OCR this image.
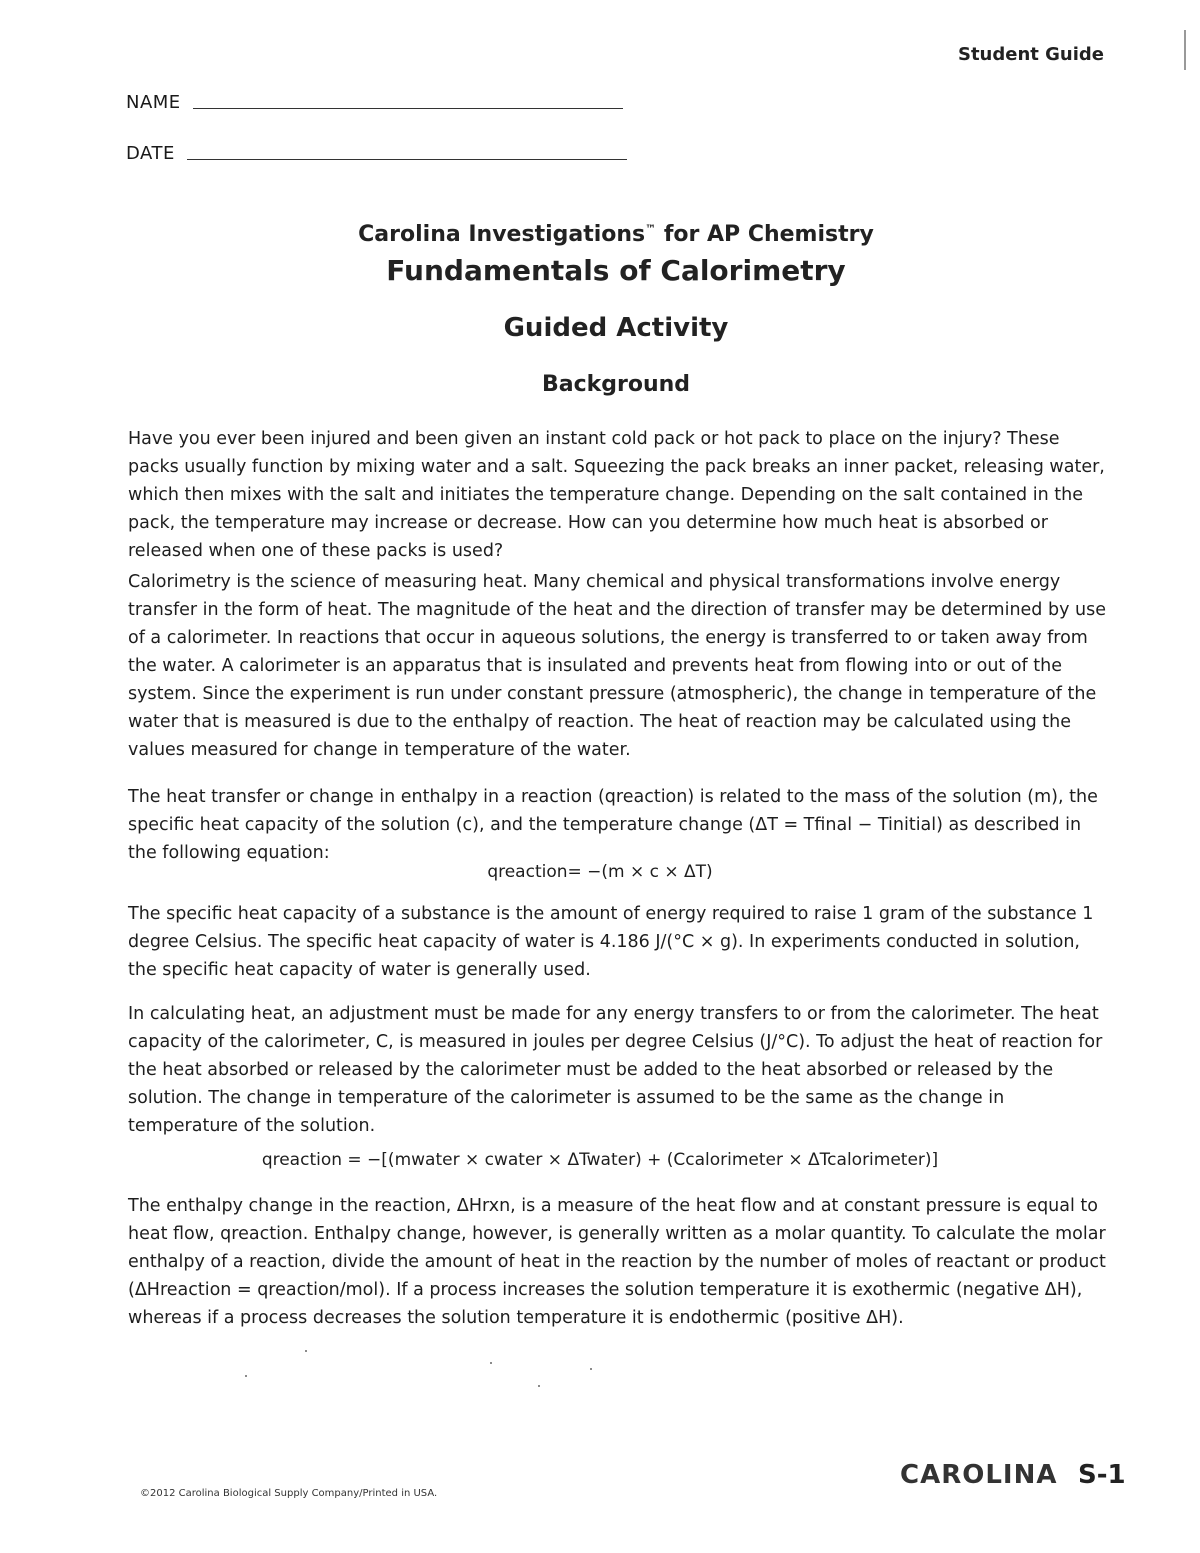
Student Guide
NAME
DATE
Carolina Investigations™ for AP Chemistry
Fundamentals of Calorimetry
Guided Activity
Background
Have you ever been injured and been given an instant cold pack or hot pack to place on the injury? These packs usually function by mixing water and a salt. Squeezing the pack breaks an inner packet, releasing water, which then mixes with the salt and initiates the temperature change. Depending on the salt contained in the pack, the temperature may increase or decrease. How can you determine how much heat is absorbed or released when one of these packs is used?
Calorimetry is the science of measuring heat. Many chemical and physical transformations involve energy transfer in the form of heat. The magnitude of the heat and the direction of transfer may be determined by use of a calorimeter. In reactions that occur in aqueous solutions, the energy is transferred to or taken away from the water. A calorimeter is an apparatus that is insulated and prevents heat from flowing into or out of the system. Since the experiment is run under constant pressure (atmospheric), the change in temperature of the water that is measured is due to the enthalpy of reaction. The heat of reaction may be calculated using the values measured for change in temperature of the water.
The heat transfer or change in enthalpy in a reaction (qreaction) is related to the mass of the solution (m), the specific heat capacity of the solution (c), and the temperature change (ΔT = Tfinal − Tinitial) as described in the following equation:
qreaction= −(m × c × ΔT)
The specific heat capacity of a substance is the amount of energy required to raise 1 gram of the substance 1 degree Celsius. The specific heat capacity of water is 4.186 J/(°C × g). In experiments conducted in solution, the specific heat capacity of water is generally used.
In calculating heat, an adjustment must be made for any energy transfers to or from the calorimeter. The heat capacity of the calorimeter, C, is measured in joules per degree Celsius (J/°C). To adjust the heat of reaction for the heat absorbed or released by the calorimeter must be added to the heat absorbed or released by the solution. The change in temperature of the calorimeter is assumed to be the same as the change in temperature of the solution.
qreaction = −[(mwater × cwater × ΔTwater) + (Ccalorimeter × ΔTcalorimeter)]
The enthalpy change in the reaction, ΔHrxn, is a measure of the heat flow and at constant pressure is equal to heat flow, qreaction. Enthalpy change, however, is generally written as a molar quantity. To calculate the molar enthalpy of a reaction, divide the amount of heat in the reaction by the number of moles of reactant or product (ΔHreaction = qreaction/mol). If a process increases the solution temperature it is exothermic (negative ΔH), whereas if a process decreases the solution temperature it is endothermic (positive ΔH).
©2012 Carolina Biological Supply Company/Printed in USA.
CAROLINA S-1
